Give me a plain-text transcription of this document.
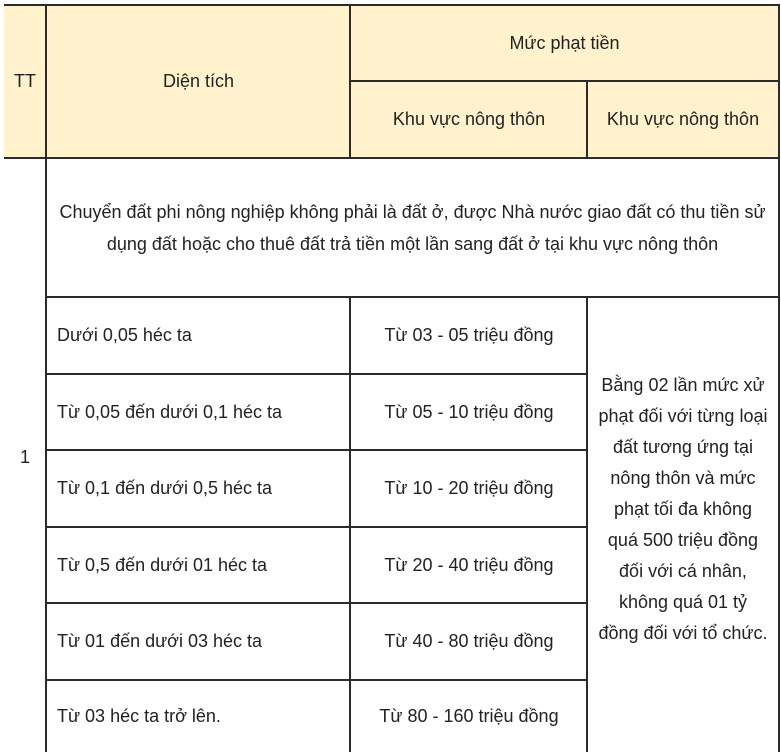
TT	Diện tích
Mức phạt tiền
Khu vực nông thôn	Khu vực nông thôn
1
Chuyển đất phi nông nghiệp không phải là đất ở, được Nhà nước giao đất có thu tiền sử dụng đất hoặc cho thuê đất trả tiền một lần sang đất ở tại khu vực nông thôn
Dưới 0,05 héc ta	Từ 03 - 05 triệu đồng
Từ 0,05 đến dưới 0,1 héc ta	Từ 05 - 10 triệu đồng
Từ 0,1 đến dưới 0,5 héc ta	Từ 10 - 20 triệu đồng
Từ 0,5 đến dưới 01 héc ta	Từ 20 - 40 triệu đồng
Từ 01 đến dưới 03 héc ta	Từ 40 - 80 triệu đồng
Từ 03 héc ta trở lên.	Từ 80 - 160 triệu đồng
Bằng 02 lần mức xử phạt đối với từng loại đất tương ứng tại nông thôn và mức phạt tối đa không quá 500 triệu đồng đối với cá nhân, không quá 01 tỷ đồng đối với tổ chức.
